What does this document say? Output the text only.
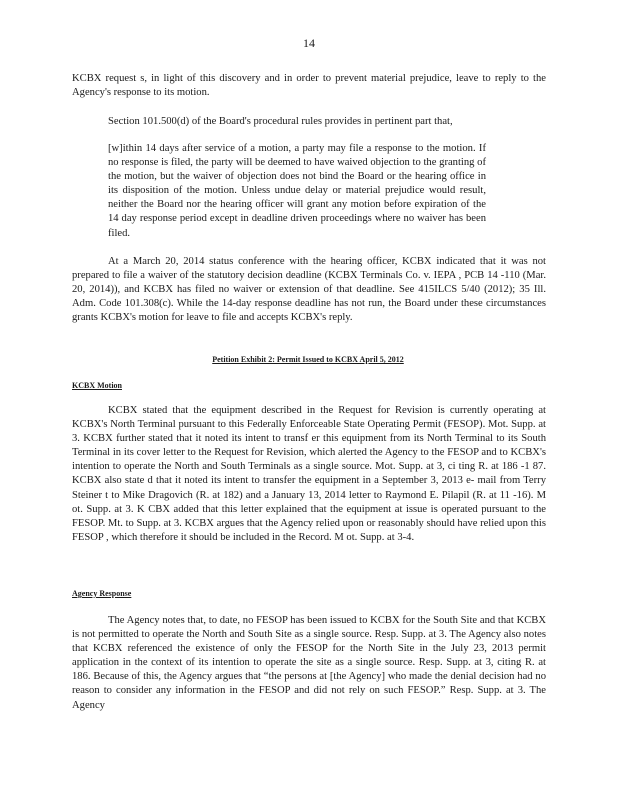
14

KCBX request s, in light of this discovery and in order to prevent material prejudice, leave to reply to the Agency's response to its motion.

Section 101.500(d) of the Board's procedural rules provides in pertinent part that,

[w]ithin 14 days after service of a motion, a party may file a response to the motion. If no response is filed, the party will be deemed to have waived objection to the granting of the motion, but the waiver of objection does not bind the Board or the hearing office in its disposition of the motion. Unless undue delay or material prejudice would result, neither the Board nor the hearing officer will grant any motion before expiration of the 14 day response period except in deadline driven proceedings where no waiver has been filed.

At a March 20, 2014 status conference with the hearing officer, KCBX indicated that it was not prepared to file a waiver of the statutory decision deadline (KCBX Terminals Co. v. IEPA , PCB 14 -110 (Mar. 20, 2014)), and KCBX has filed no waiver or extension of that deadline. See 415ILCS 5/40 (2012); 35 Ill. Adm. Code 101.308(c). While the 14-day response deadline has not run, the Board under these circumstances grants KCBX's motion for leave to file and accepts KCBX's reply.

Petition Exhibit 2: Permit Issued to KCBX April 5, 2012
KCBX Motion

KCBX stated that the equipment described in the Request for Revision is currently operating at KCBX's North Terminal pursuant to this Federally Enforceable State Operating Permit (FESOP). Mot. Supp. at 3. KCBX further stated that it noted its intent to transf er this equipment from its North Terminal to its South Terminal in its cover letter to the Request for Revision, which alerted the Agency to the FESOP and to KCBX's intention to operate the North and South Terminals as a single source. Mot. Supp. at 3, ci ting R. at 186 -1 87. KCBX also state d that it noted its intent to transfer the equipment in a September 3, 2013 e- mail from Terry Steiner t to Mike Dragovich (R. at 182) and a January 13, 2014 letter to Raymond E. Pilapil (R. at 11 -16). M ot. Supp. at 3. K CBX added that this letter explained that the equipment at issue is operated pursuant to the FESOP. Mt. to Supp. at 3. KCBX argues that the Agency relied upon or reasonably should have relied upon this FESOP , which therefore it should be included in the Record. M ot. Supp. at 3-4.

Agency Response

The Agency notes that, to date, no FESOP has been issued to KCBX for the South Site and that KCBX is not permitted to operate the North and South Site as a single source. Resp. Supp. at 3. The Agency also notes that KCBX referenced the existence of only the FESOP for the North Site in the July 23, 2013 permit application in the context of its intention to operate the site as a single source. Resp. Supp. at 3, citing R. at 186. Because of this, the Agency argues that “the persons at [the Agency] who made the denial decision had no reason to consider any information in the FESOP and did not rely on such FESOP.” Resp. Supp. at 3. The Agency
